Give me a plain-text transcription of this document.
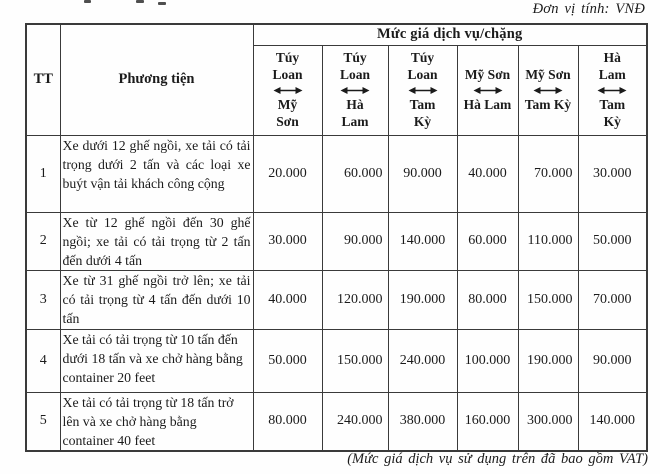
Đơn vị tính: VNĐ
TT	Phương tiện	Mức giá dịch vụ/chặng					

Túy
Loan
Mỹ
Sơn

Túy
Loan
Hà
Lam

Túy
Loan
Tam
Kỳ

Mỹ Sơn
Hà Lam

Mỹ Sơn
Tam Kỳ

Hà
Lam
Tam
Kỳ

1	Xe dưới 12 ghế ngồi, xe tải có tải trọng dưới 2 tấn và các loại xe buýt vận tải khách công cộng	20.000	60.000	90.000	40.000	70.000	30.000
2	Xe từ 12 ghế ngồi đến 30 ghế ngồi; xe tải có tải trọng từ 2 tấn đến dưới 4 tấn	30.000	90.000	140.000	60.000	110.000	50.000
3	Xe từ 31 ghế ngồi trở lên; xe tải có tải trọng từ 4 tấn đến dưới 10 tấn	40.000	120.000	190.000	80.000	150.000	70.000
4	Xe tải có tải trọng từ 10 tấn đến dưới 18 tấn và xe chở hàng bằng container 20 feet	50.000	150.000	240.000	100.000	190.000	90.000
5	Xe tải có tải trọng từ 18 tấn trở lên và xe chở hàng bằng container 40 feet	80.000	240.000	380.000	160.000	300.000	140.000
(Mức giá dịch vụ sử dụng trên đã bao gồm VAT)
